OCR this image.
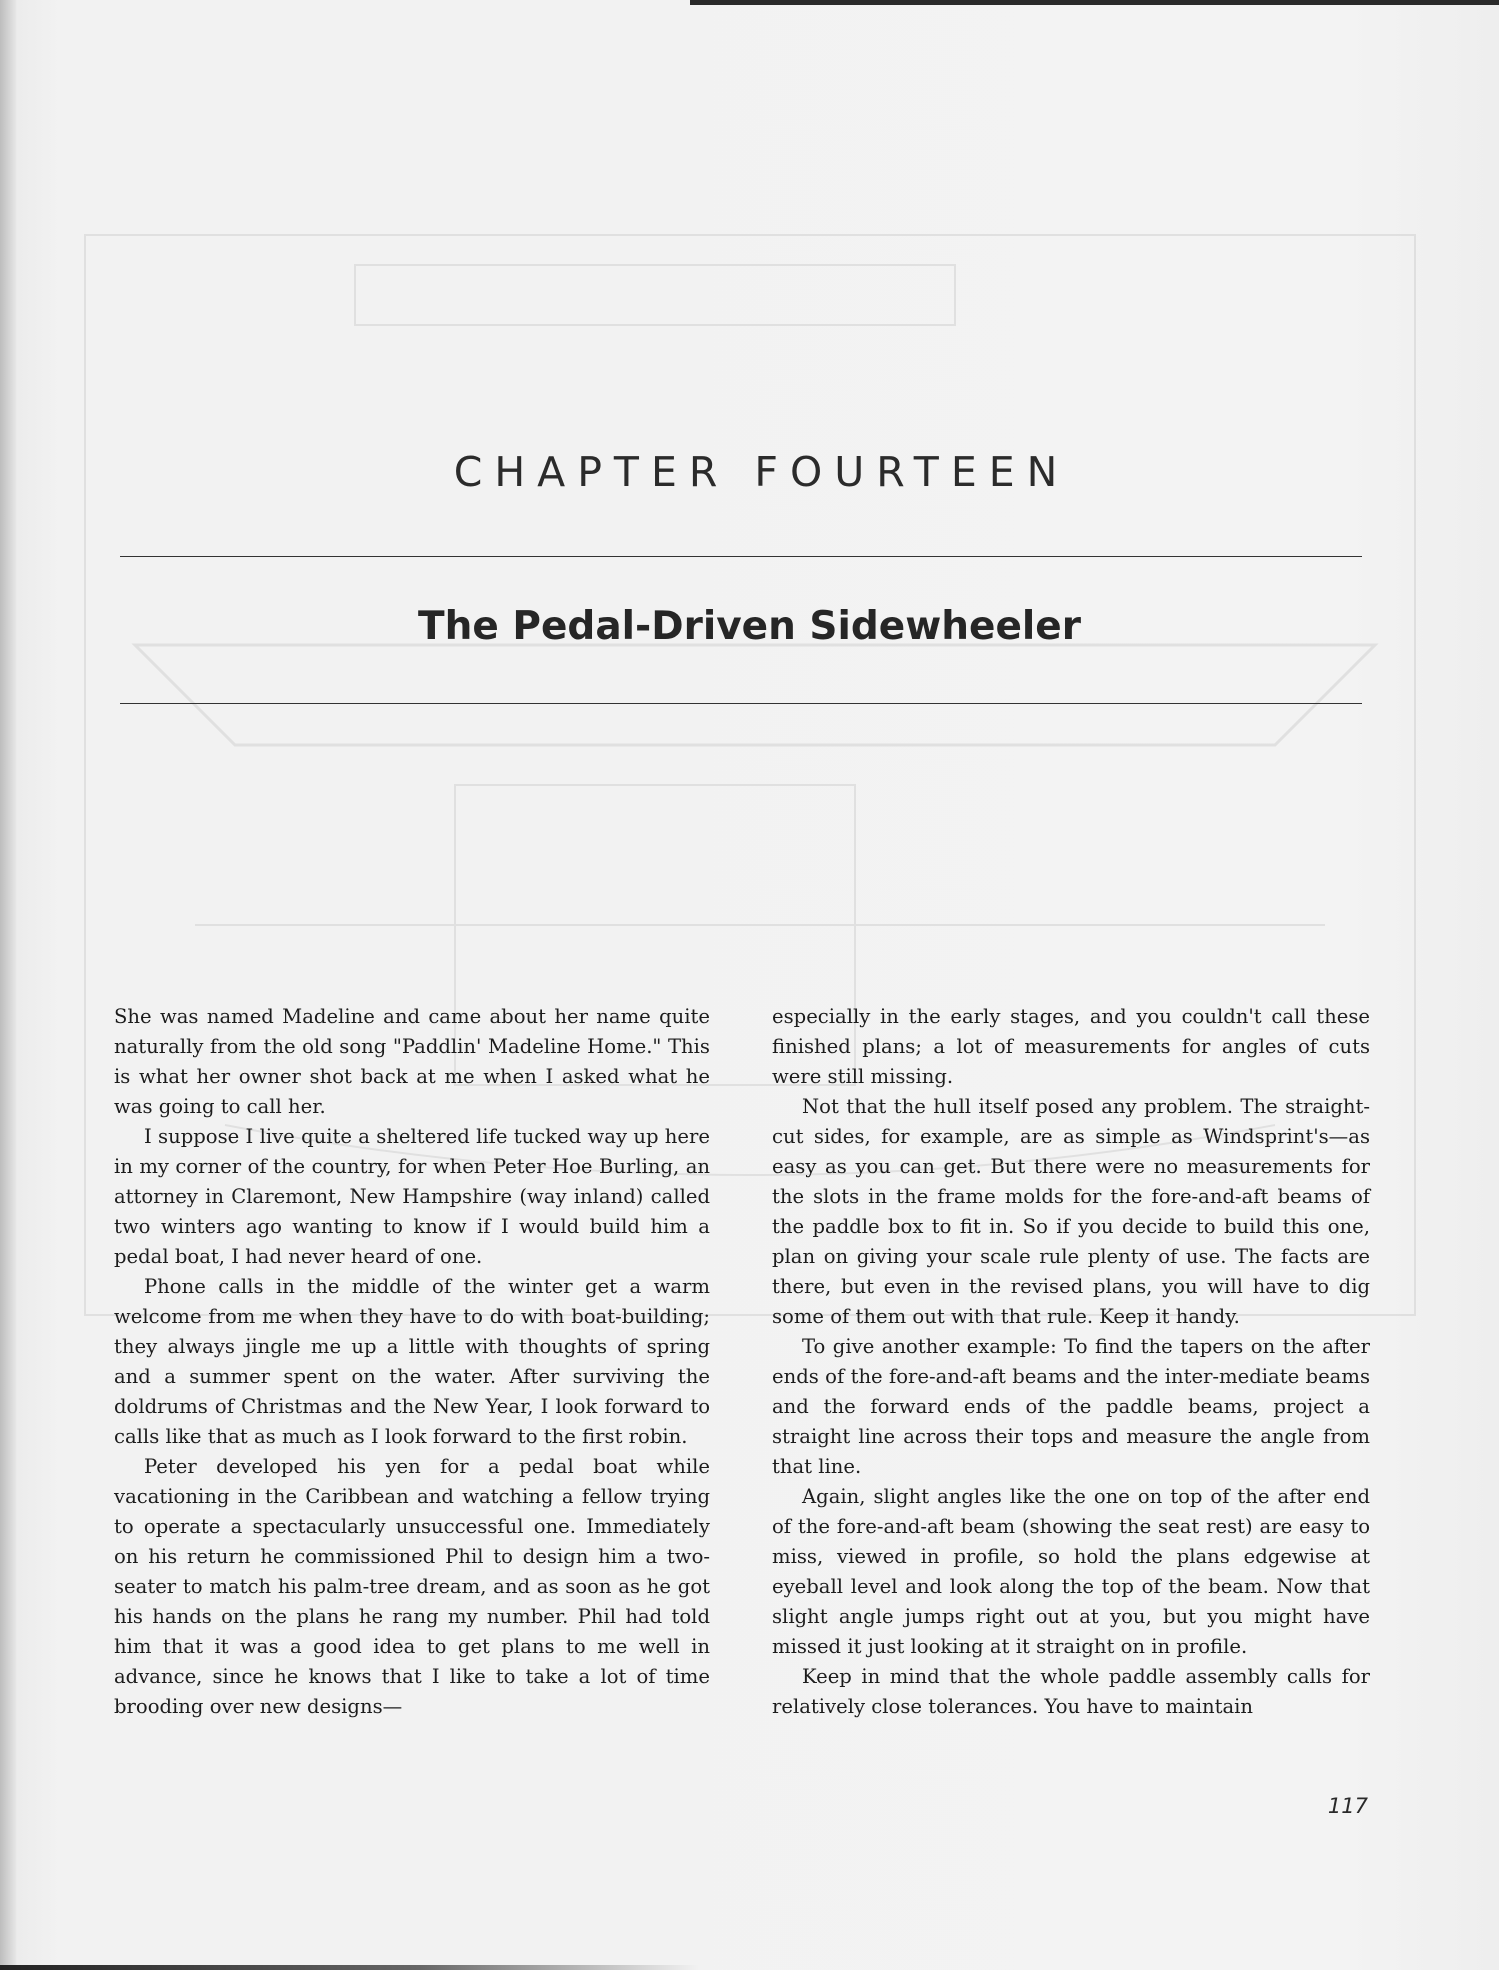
CHAPTER FOURTEEN
The Pedal-Driven Sidewheeler

She was named Madeline and came about her name quite naturally from the old song "Paddlin' Madeline Home." This is what her owner shot back at me when I asked what he was going to call her.

I suppose I live quite a sheltered life tucked way up here in my corner of the country, for when Peter Hoe Burling, an attorney in Claremont, New Hampshire (way inland) called two winters ago wanting to know if I would build him a pedal boat, I had never heard of one.

Phone calls in the middle of the winter get a warm welcome from me when they have to do with boat-building; they always jingle me up a little with thoughts of spring and a summer spent on the water. After surviving the doldrums of Christmas and the New Year, I look forward to calls like that as much as I look forward to the first robin.

Peter developed his yen for a pedal boat while vacationing in the Caribbean and watching a fellow trying to operate a spectacularly unsuccessful one. Immediately on his return he commissioned Phil to design him a two-seater to match his palm-tree dream, and as soon as he got his hands on the plans he rang my number. Phil had told him that it was a good idea to get plans to me well in advance, since he knows that I like to take a lot of time brooding over new designs—

especially in the early stages, and you couldn't call these finished plans; a lot of measurements for angles of cuts were still missing.

Not that the hull itself posed any problem. The straight-cut sides, for example, are as simple as Windsprint's—as easy as you can get. But there were no measurements for the slots in the frame molds for the fore-and-aft beams of the paddle box to fit in. So if you decide to build this one, plan on giving your scale rule plenty of use. The facts are there, but even in the revised plans, you will have to dig some of them out with that rule. Keep it handy.

To give another example: To find the tapers on the after ends of the fore-and-aft beams and the inter-mediate beams and the forward ends of the paddle beams, project a straight line across their tops and measure the angle from that line.

Again, slight angles like the one on top of the after end of the fore-and-aft beam (showing the seat rest) are easy to miss, viewed in profile, so hold the plans edgewise at eyeball level and look along the top of the beam. Now that slight angle jumps right out at you, but you might have missed it just looking at it straight on in profile.

Keep in mind that the whole paddle assembly calls for relatively close tolerances. You have to maintain

117
